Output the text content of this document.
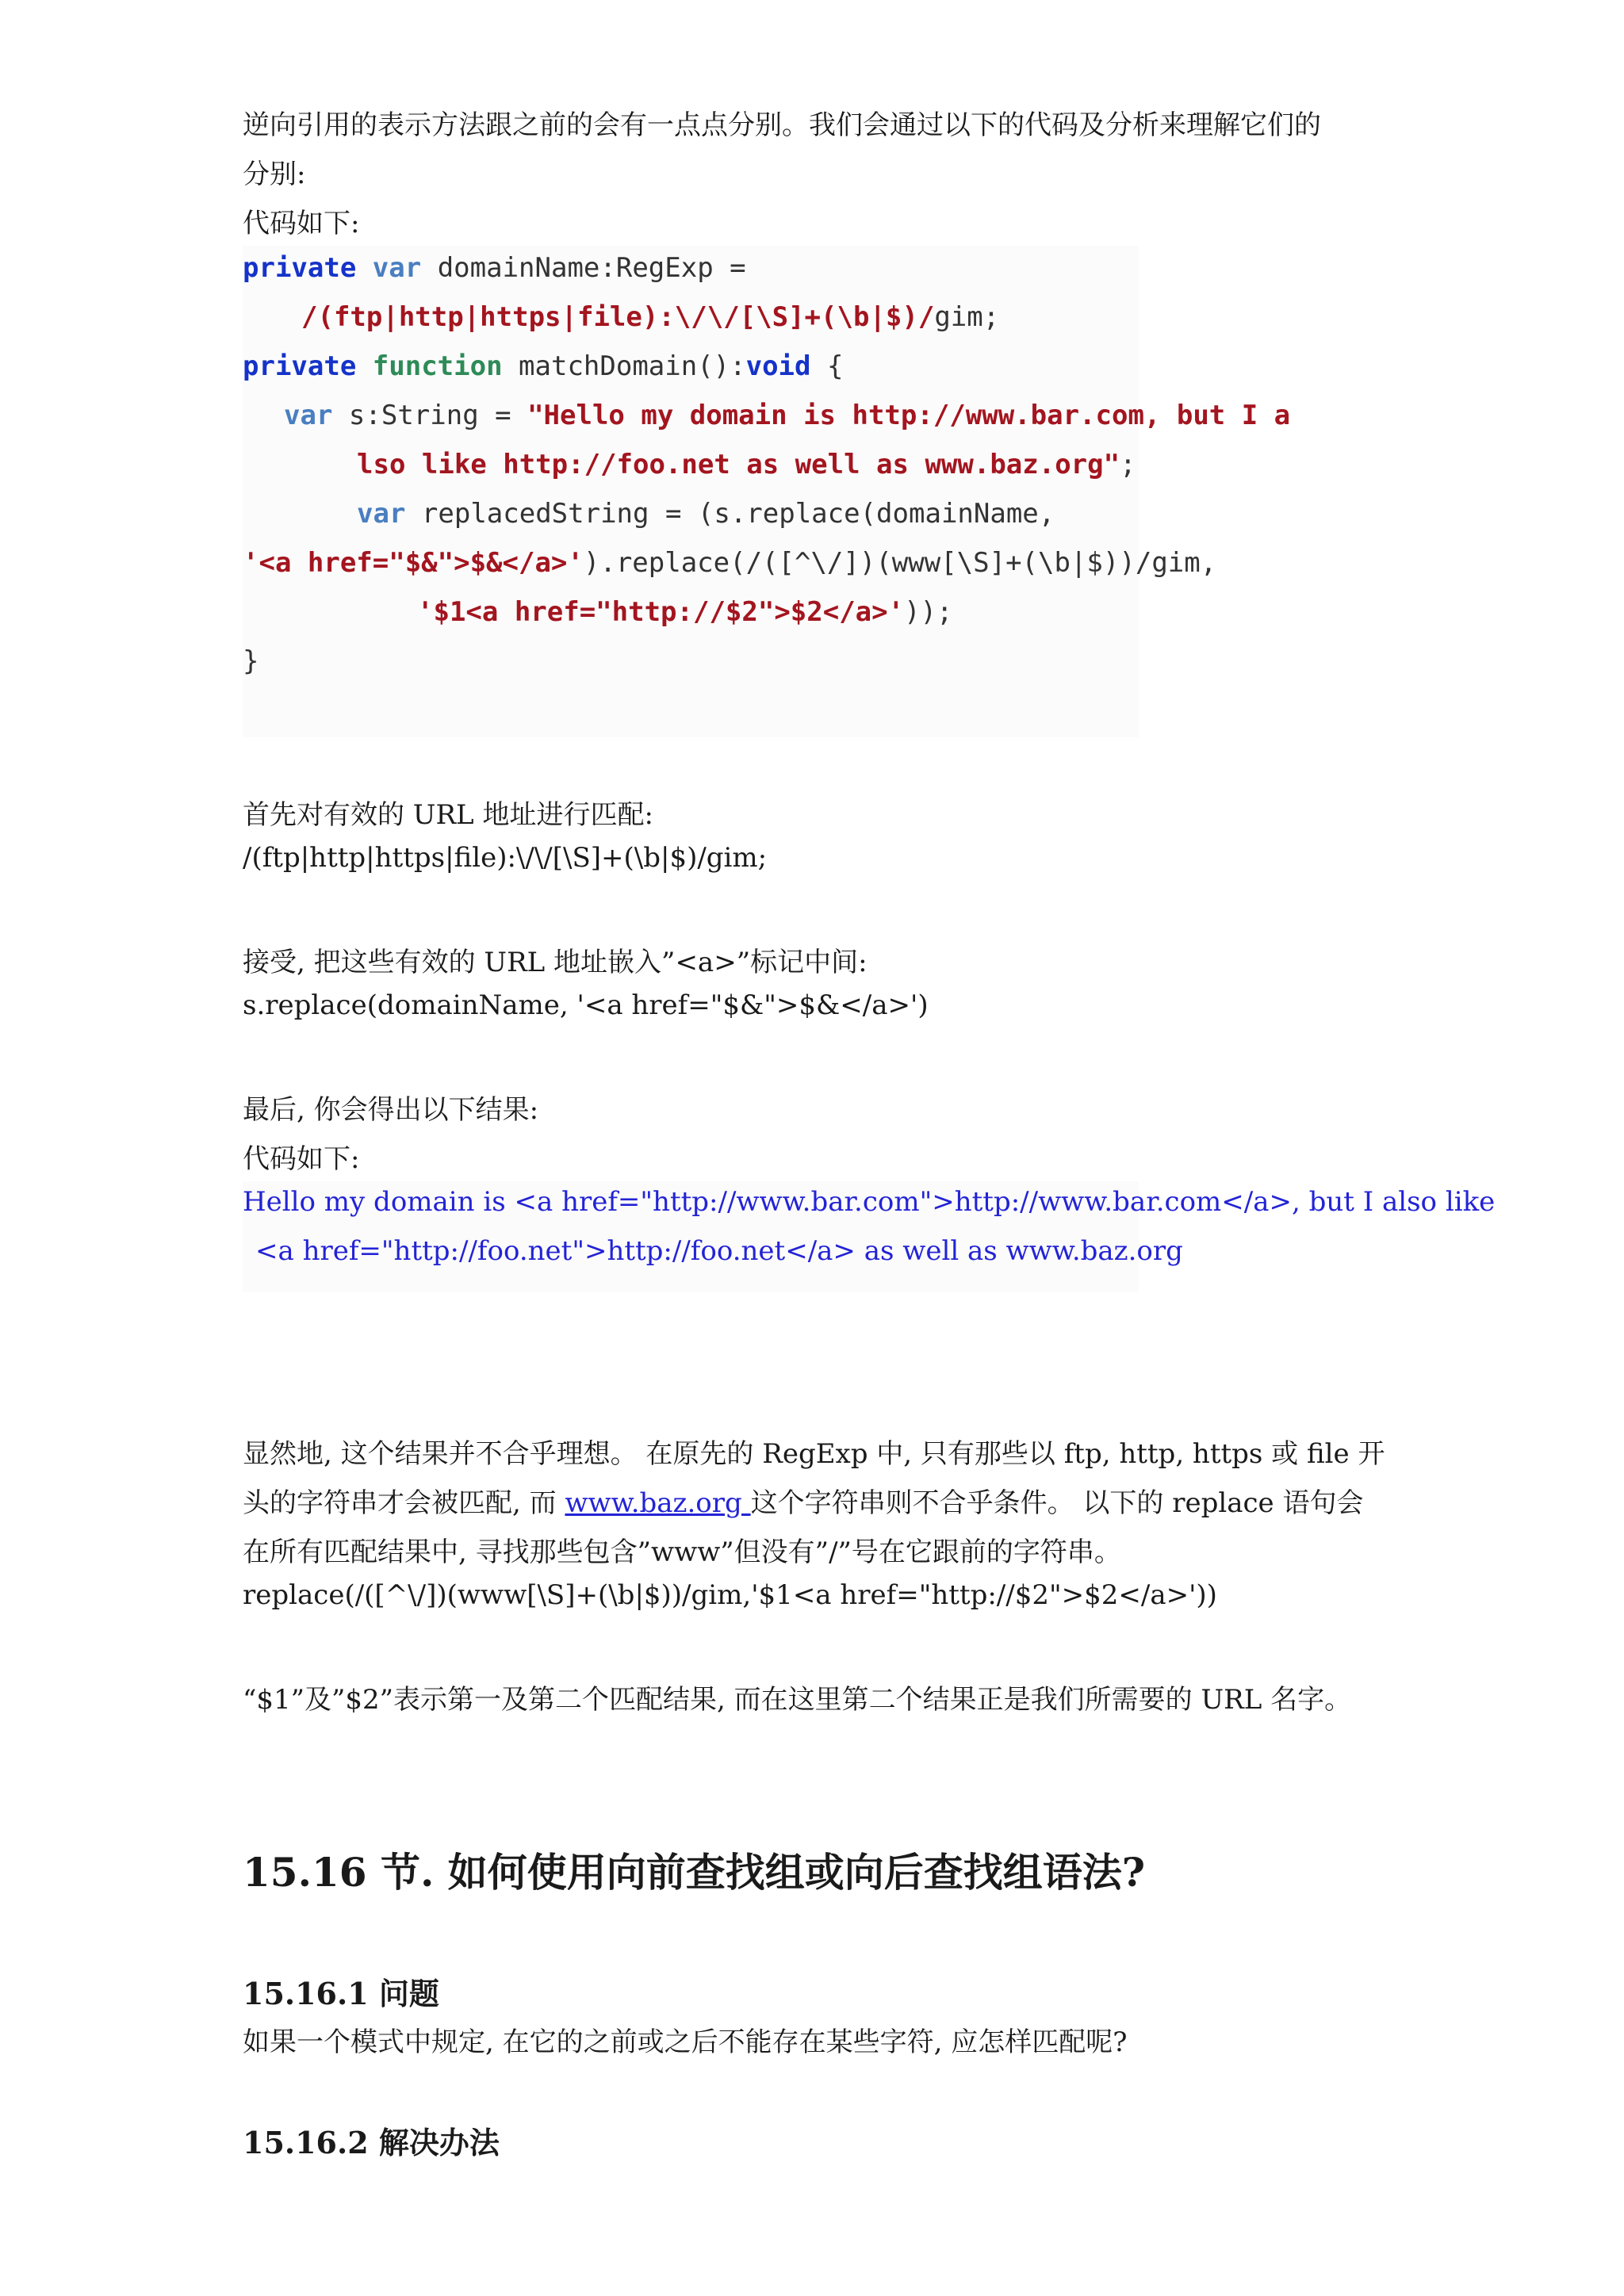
逆向引用的表示方法跟之前的会有一点点分别。我们会通过以下的代码及分析来理解它们的
分别:
代码如下:
private var domainName:RegExp =
/(ftp|http|https|file):\/\/[\S]+(\b|$)/gim;
private function matchDomain():void {
var s:String = "Hello my domain is http://www.bar.com, but I a
lso like http://foo.net as well as www.baz.org";
var replacedString = (s.replace(domainName,
'<a href="$&">$&</a>').replace(/([^\/])(www[\S]+(\b|$))/gim,
'$1<a href="http://$2">$2</a>'));
}
首先对有效的 URL 地址进行匹配:
/(ftp|http|https|file):\/\/[\S]+(\b|$)/gim;
接受, 把这些有效的 URL 地址嵌入”<a>”标记中间:
s.replace(domainName, '<a href="$&">$&</a>')
最后, 你会得出以下结果:
代码如下:
Hello my domain is <a href="http://www.bar.com">http://www.bar.com</a>, but I also like
<a href="http://foo.net">http://foo.net</a> as well as www.baz.org
显然地, 这个结果并不合乎理想。 在原先的 RegExp 中, 只有那些以 ftp, http, https 或 file 开
头的字符串才会被匹配, 而 www.baz.org 这个字符串则不合乎条件。 以下的 replace 语句会
在所有匹配结果中, 寻找那些包含”www”但没有”/”号在它跟前的字符串。
replace(/([^\/])(www[\S]+(\b|$))/gim,'$1<a href="http://$2">$2</a>'))
“$1”及”$2”表示第一及第二个匹配结果, 而在这里第二个结果正是我们所需要的 URL 名字。
15.16 节. 如何使用向前查找组或向后查找组语法?
15.16.1 问题
如果一个模式中规定, 在它的之前或之后不能存在某些字符, 应怎样匹配呢?
15.16.2 解决办法
